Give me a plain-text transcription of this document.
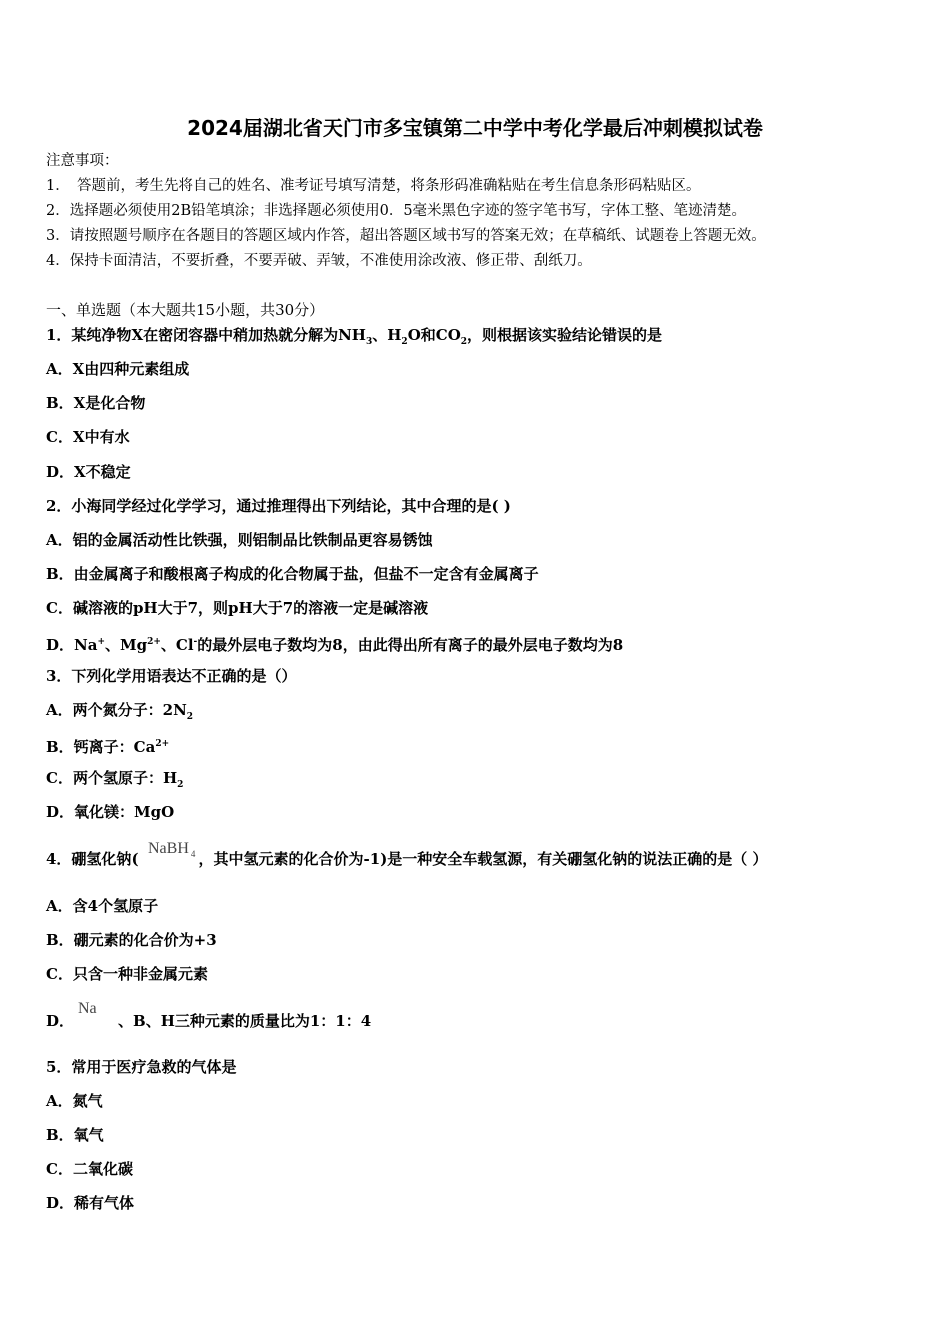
2024届湖北省天门市多宝镇第二中学中考化学最后冲刺模拟试卷
注意事项：
1．　答题前，考生先将自己的姓名、准考证号填写清楚，将条形码准确粘贴在考生信息条形码粘贴区。
2．选择题必须使用2B铅笔填涂；非选择题必须使用0．5毫米黑色字迹的签字笔书写，字体工整、笔迹清楚。
3．请按照题号顺序在各题目的答题区域内作答，超出答题区域书写的答案无效；在草稿纸、试题卷上答题无效。
4．保持卡面清洁，不要折叠，不要弄破、弄皱，不准使用涂改液、修正带、刮纸刀。
一、单选题（本大题共15小题，共30分）
1．某纯净物X在密闭容器中稍加热就分解为$NH_3$、$H_2O$和$CO_2$，则根据该实验结论错误的是
A．X由四种元素组成
B．X是化合物
C．X中有水
D．X不稳定
2．小海同学经过化学学习，通过推理得出下列结论，其中合理的是( )
A．铝的金属活动性比铁强，则铝制品比铁制品更容易锈蚀
B．由金属离子和酸根离子构成的化合物属于盐，但盐不一定含有金属离子
C．碱溶液的pH大于7，则pH大于7的溶液一定是碱溶液
D．Na+、$Mg^{2+}$、Cl-的最外层电子数均为8，由此得出所有离子的最外层电子数均为8
3．下列化学用语表达不正确的是（）
A．两个氮分子：$2N_2$
B．钙离子：$Ca^{2+}$
C．两个氢原子：$H_2$
D．氧化镁：MgO
NaBH $_4$
4．硼氢化钠(	，其中氢元素的化合价为-1)是一种安全车载氢源，有关硼氢化钠的说法正确的是（ ）
A．含4个氢原子
B．硼元素的化合价为+3
C．只含一种非金属元素
Na
D．	、B、H三种元素的质量比为1：1：4
5．常用于医疗急救的气体是
A．氮气
B．氧气
C．二氧化碳
D．稀有气体
